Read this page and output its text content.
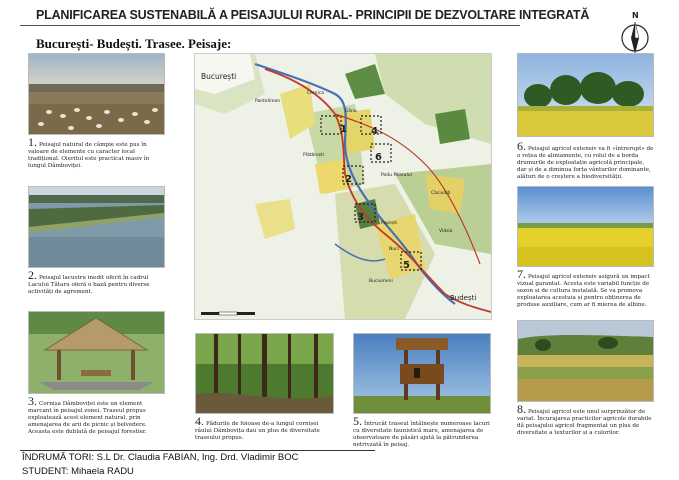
PLANIFICAREA SUSTENABILĂ A PEISAJULUI RURAL- PRINCIPII DE DEZVOLTARE INTEGRATĂ
București- Budești. Trasee. Peisaje:
N
1. Peisajul natural de câmpie este pus în valoare de elemente cu caracter local tradițional. Oieritul este practicat masiv în lungul Dâmboviței.
2. Peisajul lacustru inedit oferit în cadrul Lacului Tătaru oferă o bază pentru diverse activități de agrement.
3. Cornișa Dâmboviței este un element marcant în peisajul zonei. Traseul propus exploatează acest element natural, prin amenajarea de arii de picnic și belvedere. Aceasta este dublată de peisajul forestier.
1
2
3
4
5
6
București
Cernica
Pantelimon
Glina
Plătărești
Podu Pitarului
Căciulați
Popești
Vlăsia
Nuci
Buciumeni
Budești
4. Pădurile de foioase de-a lungul cornișei râului Dâmbovița dau un plus de diversitate traseului propus.
5. Întrucât traseul întâlnește numeroase lacuri cu diversitate faunistică mare, amenajarea de observatoare de păsări ajută la pătrunderea netrivzată în peisaj.
6. Peisajul agricol extensiv va fi «întrerupt» de o rețea de aliniamente, cu rolul de a borda drumurile de exploatație agricolă principale, dar și de a diminua forța vânturilor dominante, alături de o creștere a biodiversității.
7. Peisajul agricol extensiv asigură un impact vizual garantat. Acesta este variabil funcție de sezon și de cultura instalată. Se va promova exploatarea acestuia și pentru obținerea de produse auxiliare, cum ar fi mierea de albine.
8. Peisajul agricol este unul surprinzător de variat. Încurajarea practicilor agricole durabile dă peisajului agricol fragmentat un plus de diversitate a texturilor și a culorilor.
ÎNDRUMĂ TORI: S.L Dr. Claudia FABIAN, Ing. Drd. Vladimir BOC
STUDENT: Mihaela RADU
